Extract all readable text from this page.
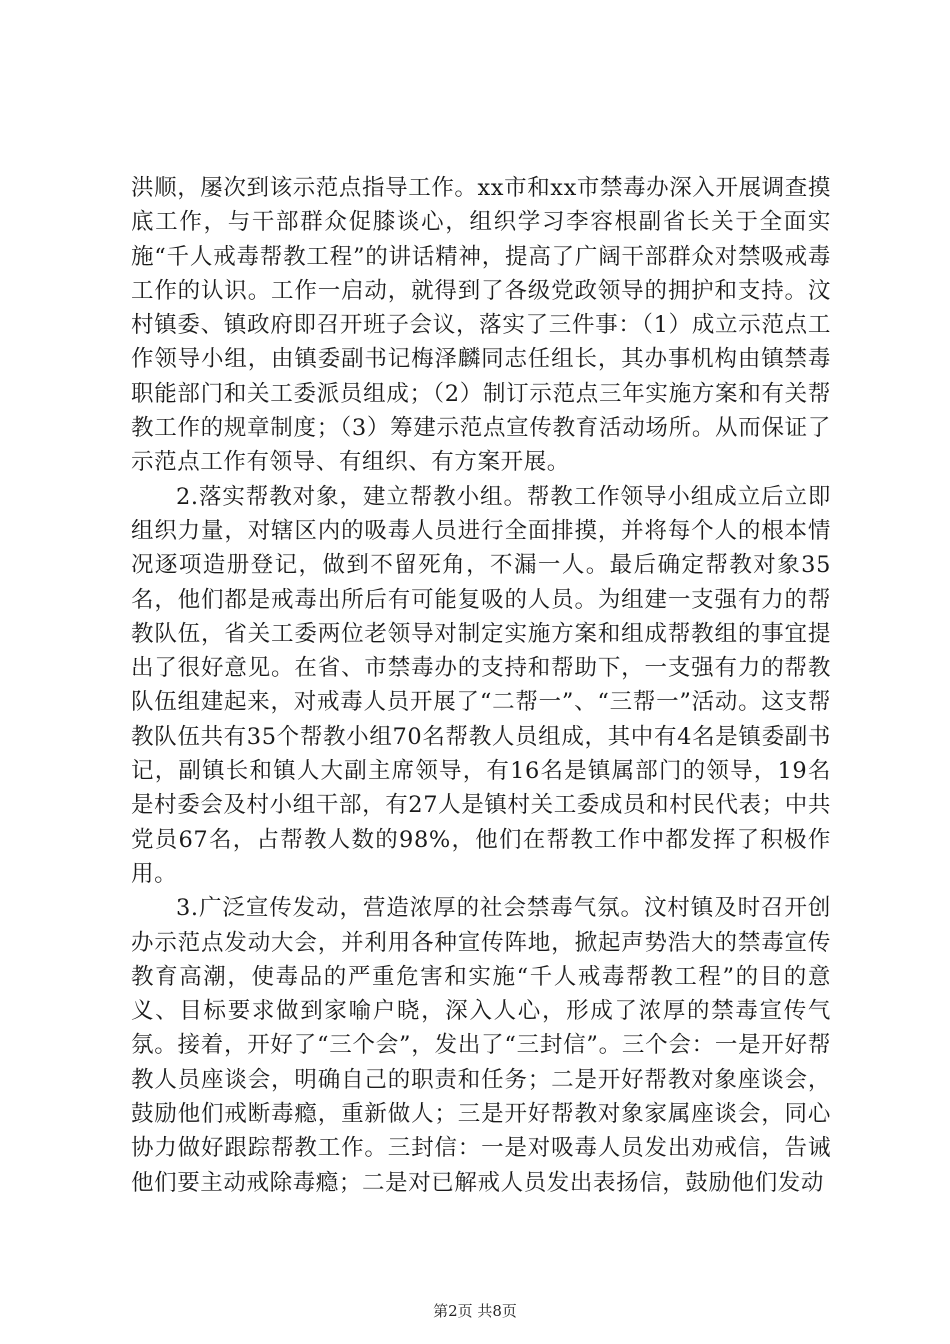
洪顺，屡次到该示范点指导工作。xx市和xx市禁毒办深入开展调查摸底工作，与干部群众促膝谈心，组织学习李容根副省长关于全面实施“千人戒毒帮教工程”的讲话精神，提高了广阔干部群众对禁吸戒毒工作的认识。工作一启动，就得到了各级党政领导的拥护和支持。汶村镇委、镇政府即召开班子会议，落实了三件事：（1）成立示范点工作领导小组，由镇委副书记梅泽麟同志任组长，其办事机构由镇禁毒职能部门和关工委派员组成；（2）制订示范点三年实施方案和有关帮教工作的规章制度；（3）筹建示范点宣传教育活动场所。从而保证了示范点工作有领导、有组织、有方案开展。

2.落实帮教对象，建立帮教小组。帮教工作领导小组成立后立即组织力量，对辖区内的吸毒人员进行全面排摸，并将每个人的根本情况逐项造册登记，做到不留死角，不漏一人。最后确定帮教对象35名，他们都是戒毒出所后有可能复吸的人员。为组建一支强有力的帮教队伍，省关工委两位老领导对制定实施方案和组成帮教组的事宜提出了很好意见。在省、市禁毒办的支持和帮助下，一支强有力的帮教队伍组建起来，对戒毒人员开展了“二帮一”、“三帮一”活动。这支帮教队伍共有35个帮教小组70名帮教人员组成，其中有4名是镇委副书记，副镇长和镇人大副主席领导，有16名是镇属部门的领导，19名是村委会及村小组干部，有27人是镇村关工委成员和村民代表；中共党员67名，占帮教人数的98%，他们在帮教工作中都发挥了积极作用。

3.广泛宣传发动，营造浓厚的社会禁毒气氛。汶村镇及时召开创办示范点发动大会，并利用各种宣传阵地，掀起声势浩大的禁毒宣传教育高潮，使毒品的严重危害和实施“千人戒毒帮教工程”的目的意义、目标要求做到家喻户晓，深入人心，形成了浓厚的禁毒宣传气氛。接着，开好了“三个会”，发出了“三封信”。三个会：一是开好帮教人员座谈会，明确自己的职责和任务；二是开好帮教对象座谈会，鼓励他们戒断毒瘾，重新做人；三是开好帮教对象家属座谈会，同心协力做好跟踪帮教工作。三封信：一是对吸毒人员发出劝戒信，告诫他们要主动戒除毒瘾；二是对已解戒人员发出表扬信，鼓励他们发动

第2页 共8页
